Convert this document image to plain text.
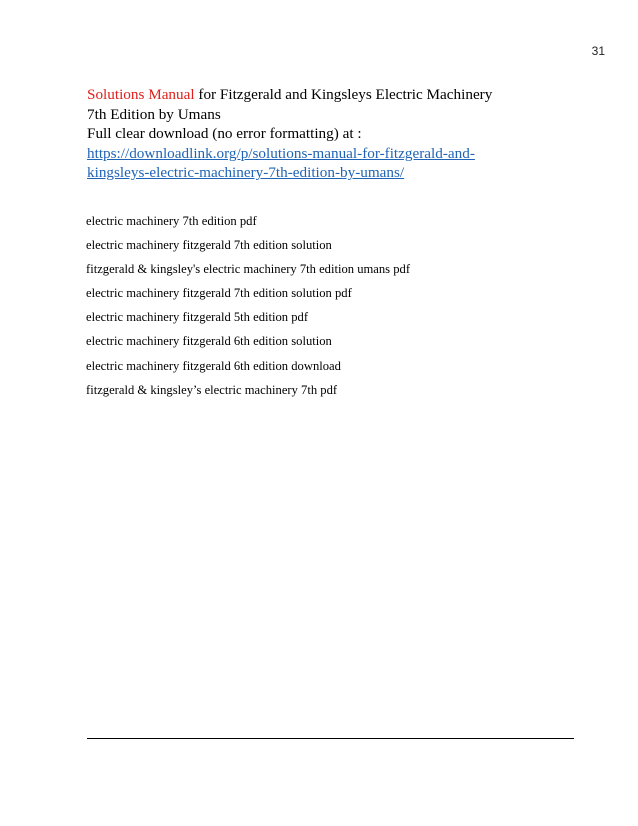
31
Solutions Manual for Fitzgerald and Kingsleys Electric Machinery
7th Edition by Umans
Full clear download (no error formatting) at :
https://downloadlink.org/p/solutions-manual-for-fitzgerald-and-
kingsleys-electric-machinery-7th-edition-by-umans/
electric machinery 7th edition pdf
electric machinery fitzgerald 7th edition solution
fitzgerald & kingsley's electric machinery 7th edition umans pdf
electric machinery fitzgerald 7th edition solution pdf
electric machinery fitzgerald 5th edition pdf
electric machinery fitzgerald 6th edition solution
electric machinery fitzgerald 6th edition download
fitzgerald & kingsley’s electric machinery 7th pdf
